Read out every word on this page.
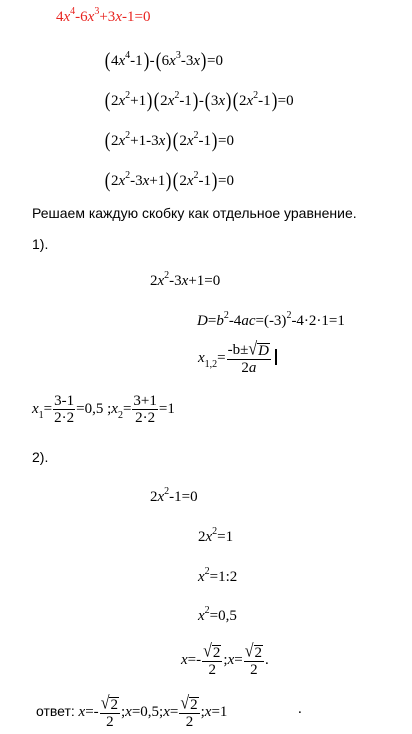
$4x^4-6x^3+3x-1=0$
$(4x^4-1)-(6x^3-3x)=0$
$(2x^2+1)(2x^2-1)-(3x)(2x^2-1)=0$
$(2x^2+1-3x)(2x^2-1)=0$
$(2x^2-3x+1)(2x^2-1)=0$
Решаем каждую скобку как отдельное уравнение.
1).
$2x^2-3x+1=0$
$D=b^2-4ac=(-3)^2-4\cdot 2\cdot 1=1$
$x_{1,2}= \frac{-b\pm √ D}{2a}$
$x_1= \frac{3-1}{2\cdot 2} =0,5$ $;x_2= \frac{3+1}{2\cdot 2} =1$
2).
$2x^2-1=0$
$2x^2=1$
$x^2=1:2$
$x^2=0,5$
$x=- \frac{√ 2}{2}$ ;x= $\frac{√ 2}{2}$ .
ответ: $x=- \frac{√ 2}{2}$ ;x=0,5;x= $\frac{√ 2}{2}$ ;x=1	.
